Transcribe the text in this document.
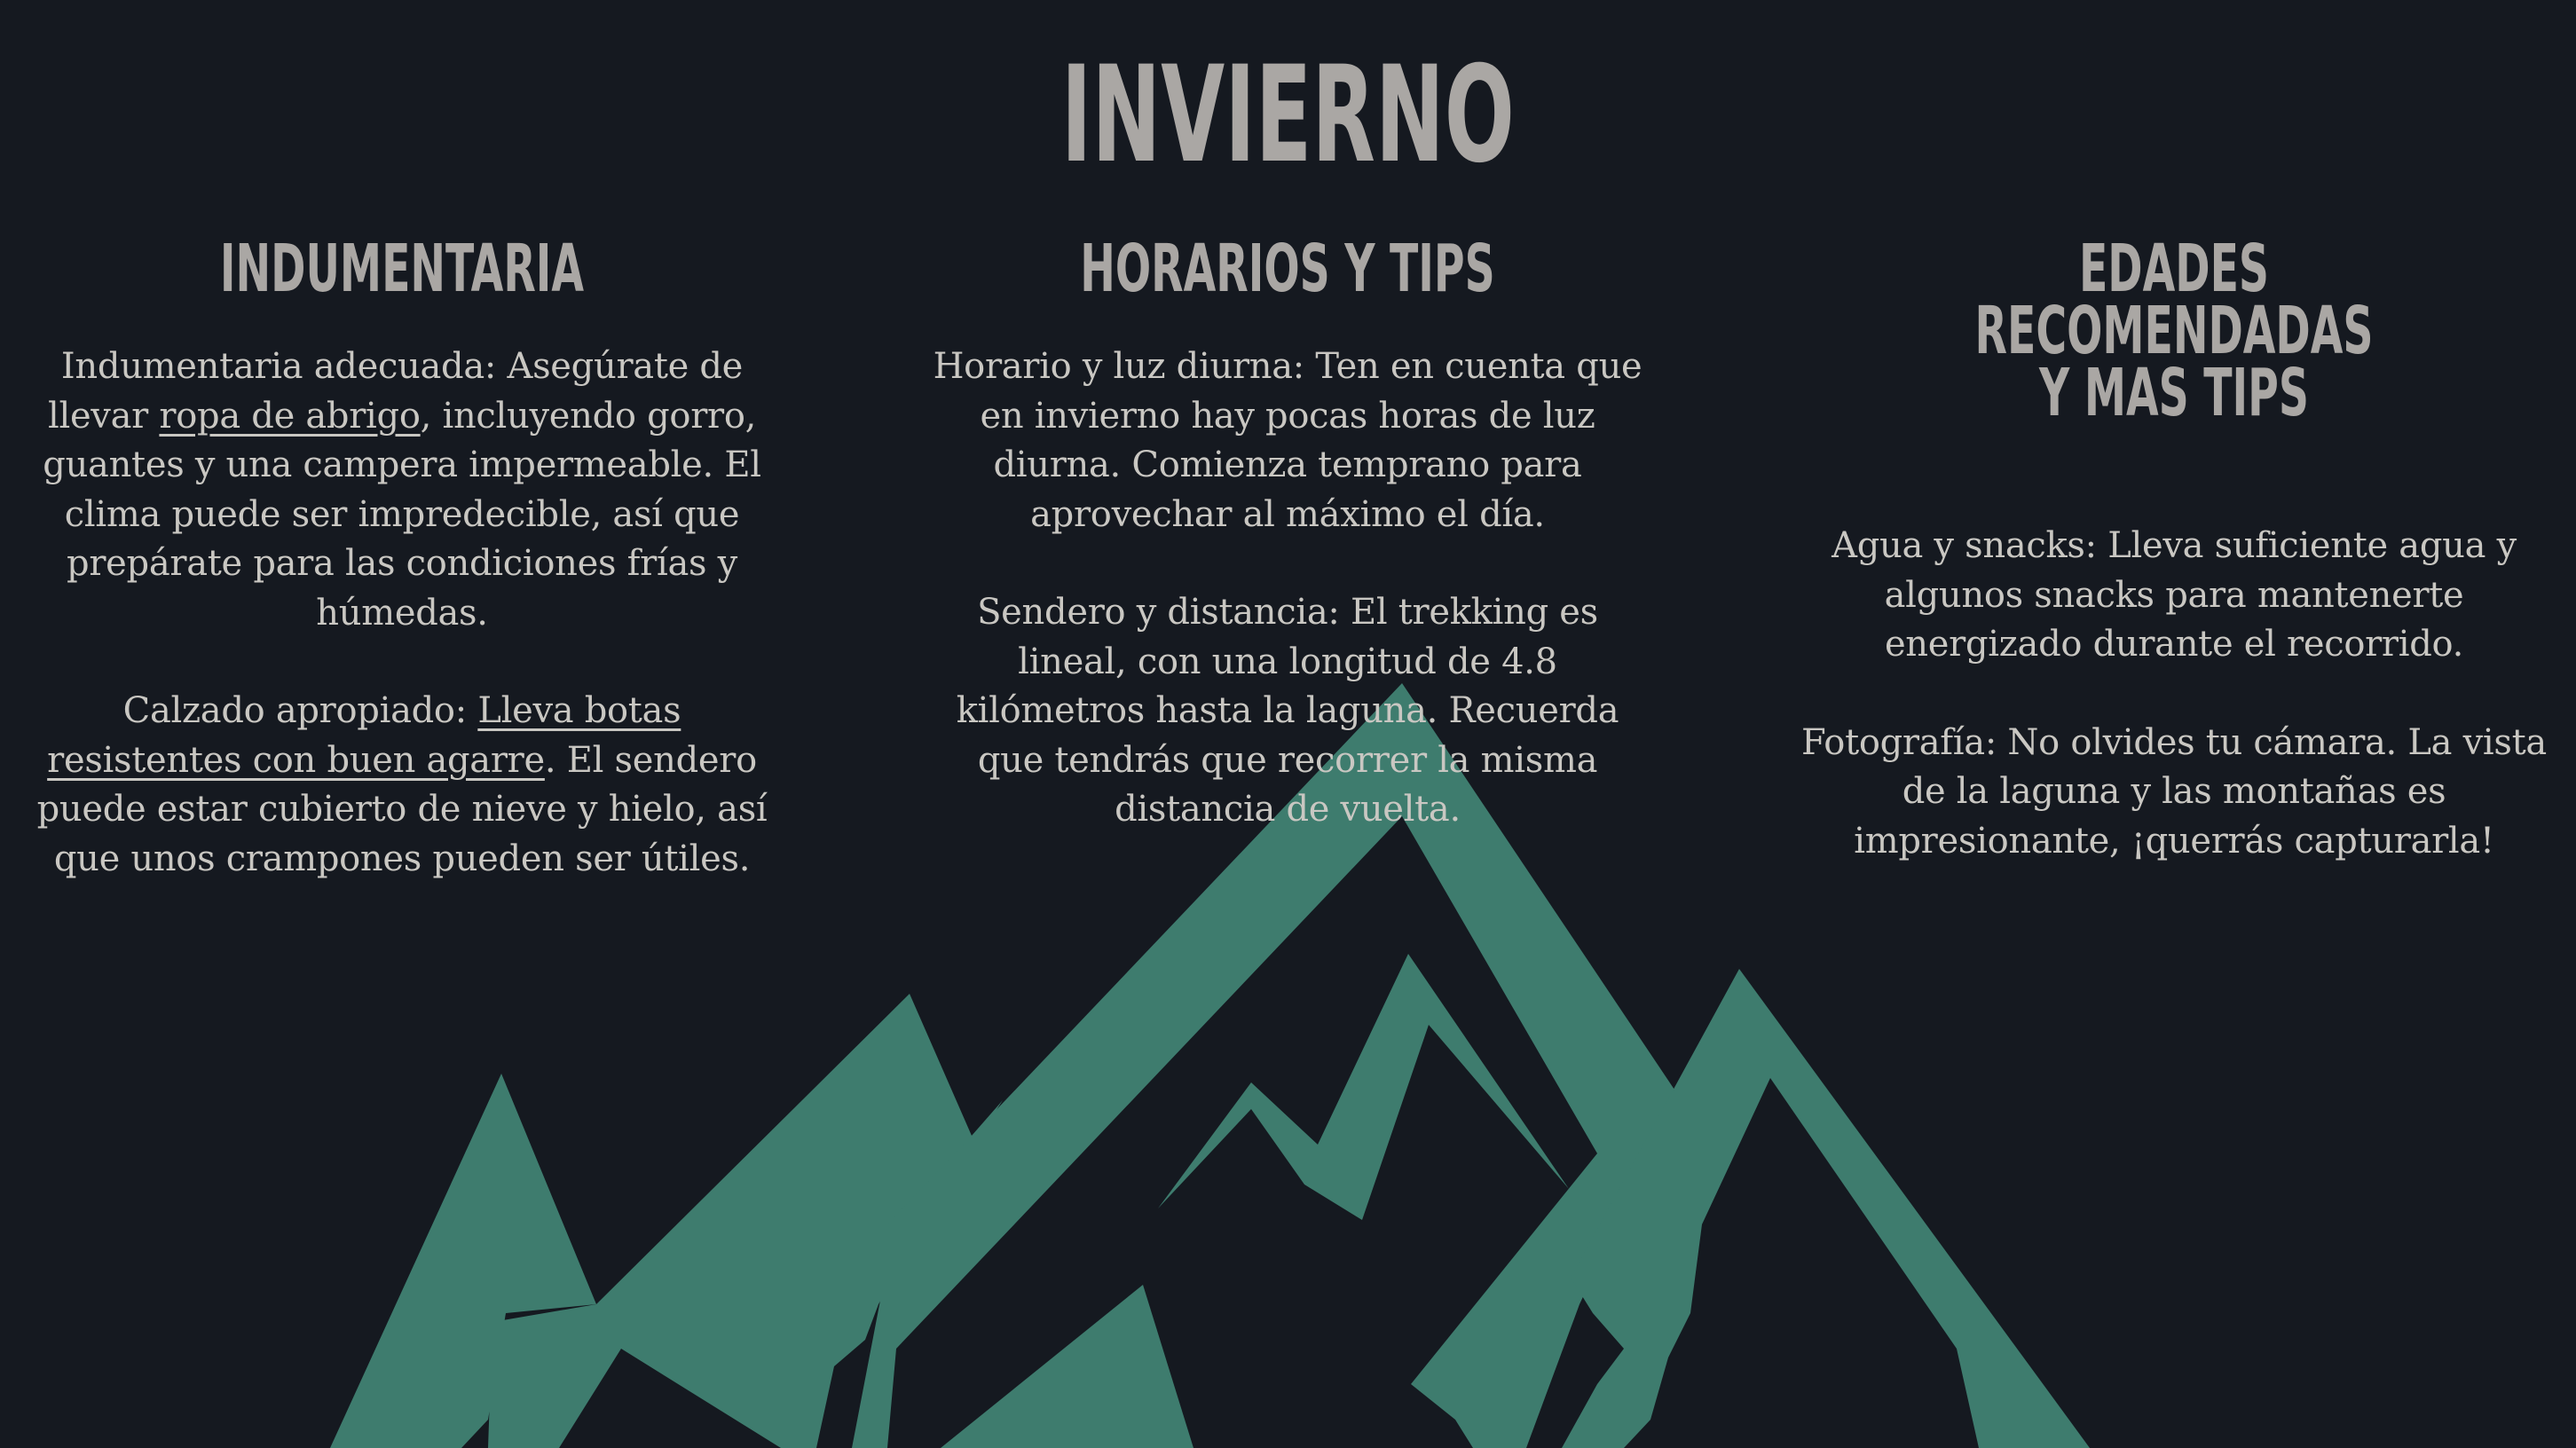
INVIERNO
INDUMENTARIA

Indumentaria adecuada: Asegúrate de llevar ropa de abrigo, incluyendo gorro, guantes y una campera impermeable. El clima puede ser impredecible, así que prepárate para las condiciones frías y húmedas.

Calzado apropiado: Lleva botas resistentes con buen agarre. El sendero puede estar cubierto de nieve y hielo, así que unos crampones pueden ser útiles.

HORARIOS Y TIPS

Horario y luz diurna: Ten en cuenta que en invierno hay pocas horas de luz diurna. Comienza temprano para aprovechar al máximo el día.

Sendero y distancia: El trekking es lineal, con una longitud de 4.8 kilómetros hasta la laguna. Recuerda que tendrás que recorrer la misma distancia de vuelta.

EDADES RECOMENDADAS Y MAS TIPS

Agua y snacks: Lleva suficiente agua y algunos snacks para mantenerte energizado durante el recorrido.

Fotografía: No olvides tu cámara. La vista de la laguna y las montañas es impresionante, ¡querrás capturarla!
